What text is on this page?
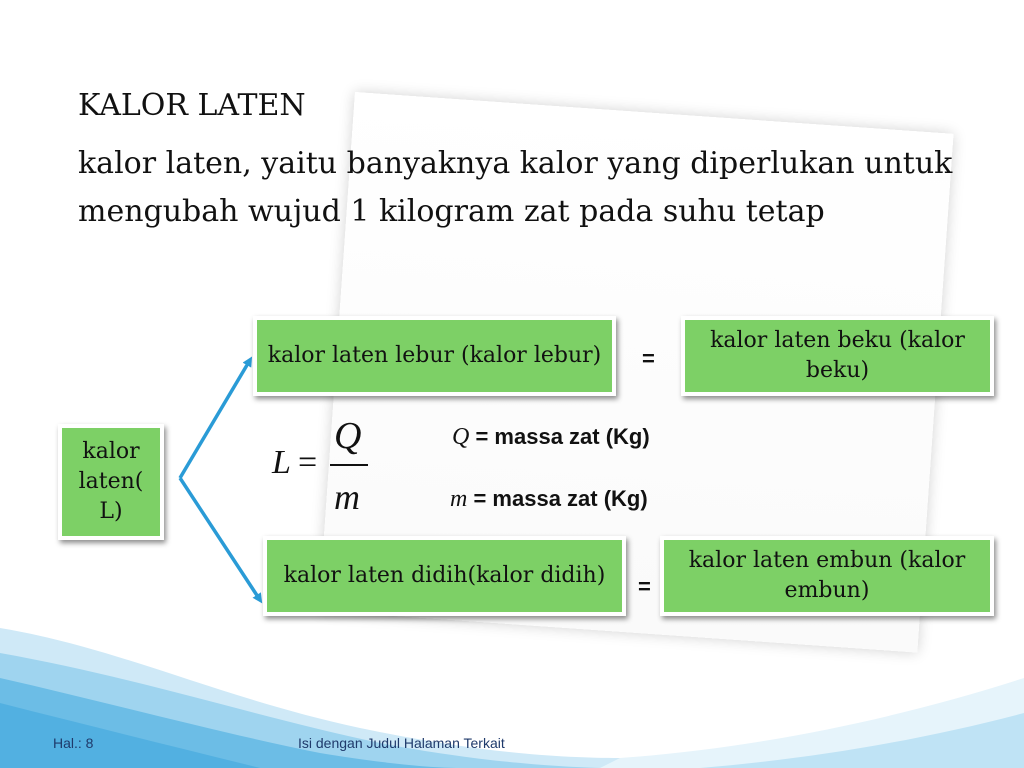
KALOR LATEN

kalor laten, yaitu banyaknya kalor yang diperlukan untuk mengubah wujud 1 kilogram zat pada suhu tetap

kalor laten( L)
kalor laten lebur (kalor lebur)
kalor laten beku (kalor beku)
kalor laten didih(kalor didih)
kalor laten embun (kalor embun)
=
=
L =
Q
m
Q = massa zat (Kg)
m = massa zat (Kg)
Hal.: 8	Isi dengan Judul Halaman Terkait
